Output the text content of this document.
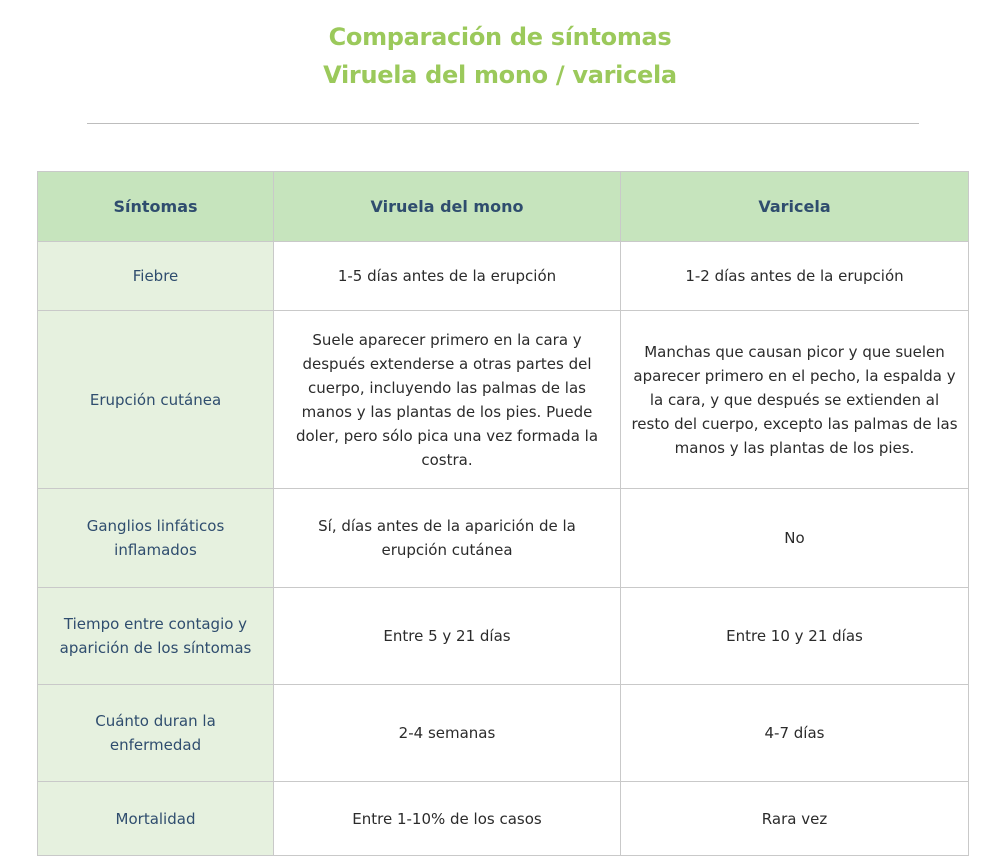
Comparación de síntomas
Viruela del mono / varicela
Síntomas	Viruela del mono	Varicela
Fiebre	1-5 días antes de la erupción	1-2 días antes de la erupción
Erupción cutánea	Suele aparecer primero en la cara y después extenderse a otras partes del cuerpo, incluyendo las palmas de las manos y las plantas de los pies. Puede doler, pero sólo pica una vez formada la costra.	Manchas que causan picor y que suelen aparecer primero en el pecho, la espalda y la cara, y que después se extienden al resto del cuerpo, excepto las palmas de las manos y las plantas de los pies.
Ganglios linfáticos inflamados	Sí, días antes de la aparición de la erupción cutánea	No
Tiempo entre contagio y aparición de los síntomas	Entre 5 y 21 días	Entre 10 y 21 días
Cuánto duran la enfermedad	2-4 semanas	4-7 días
Mortalidad	Entre 1-10% de los casos	Rara vez
